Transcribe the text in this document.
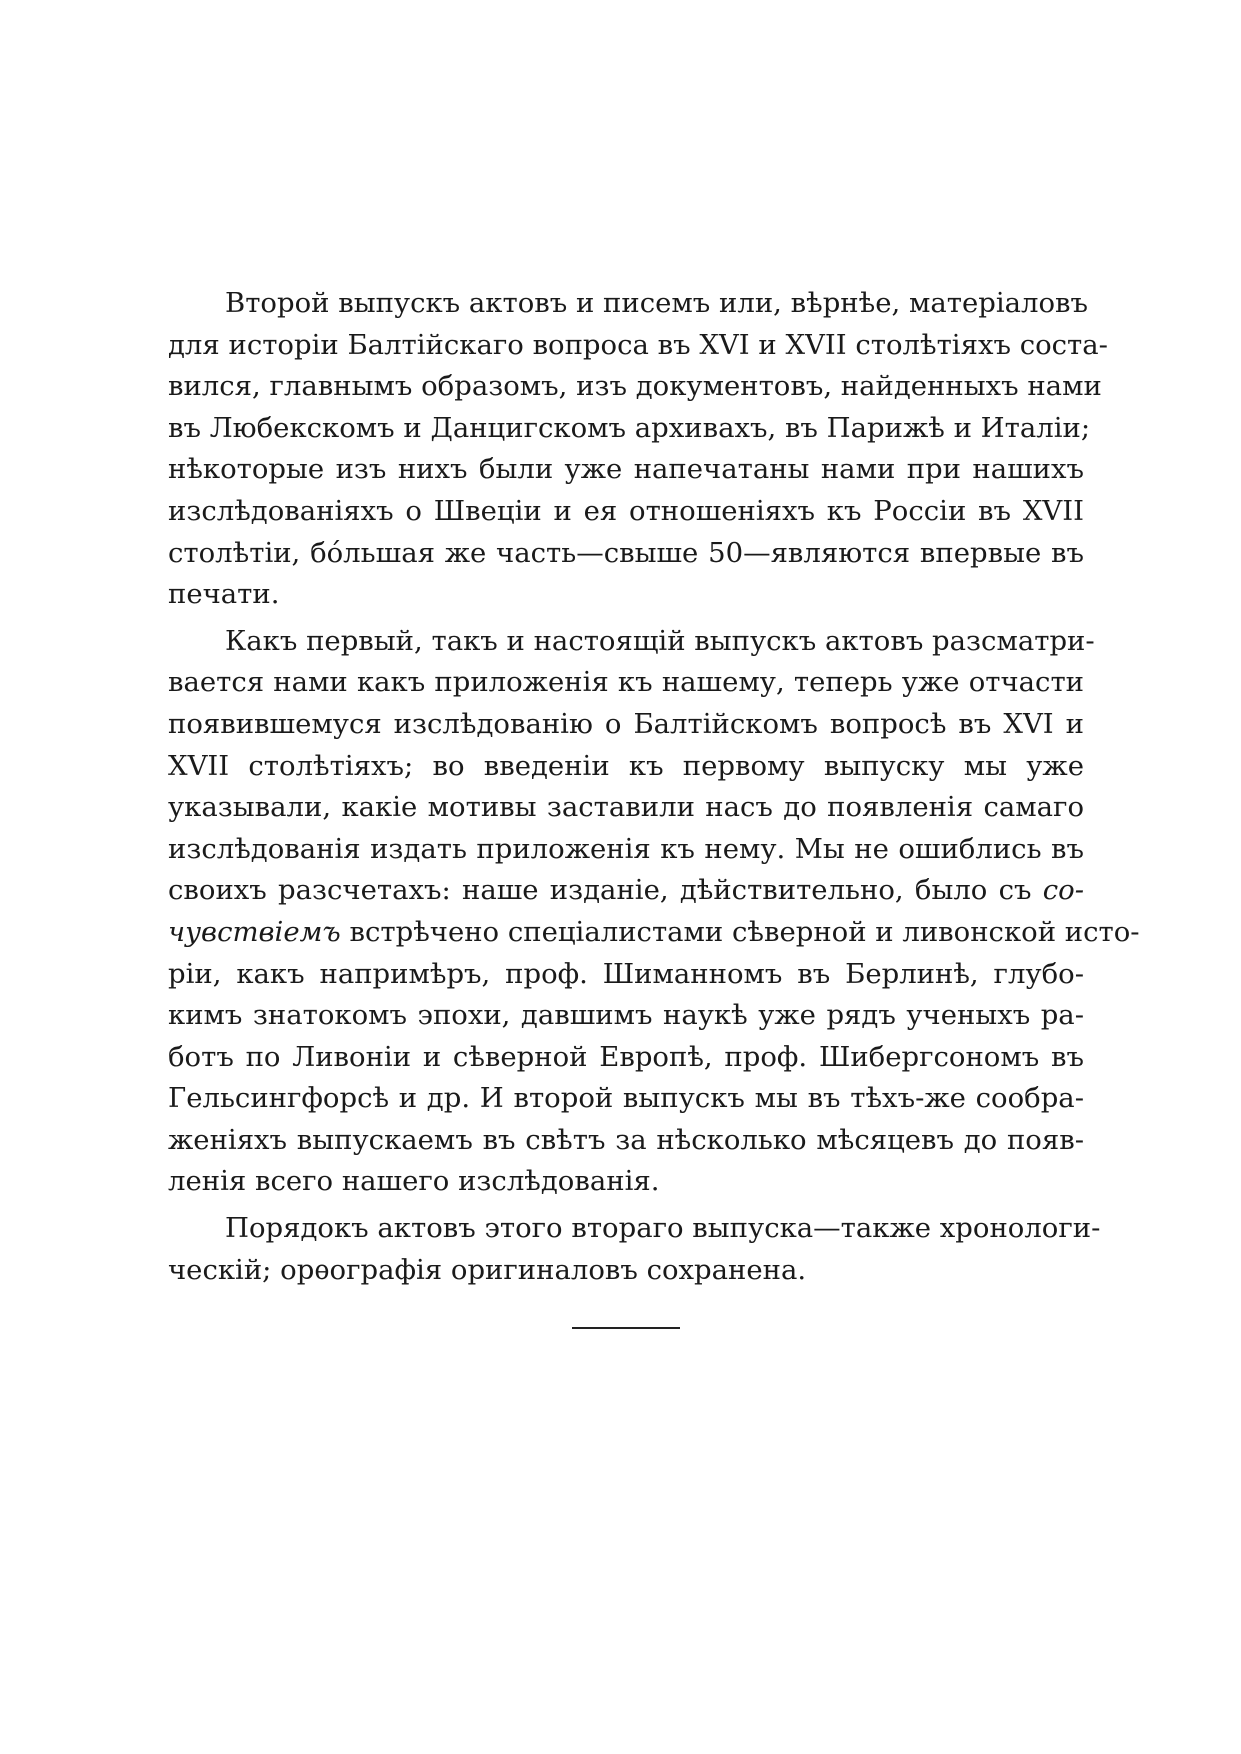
Второй выпускъ актовъ и писемъ или, вѣрнѣе, матеріаловъ
для исторіи Балтійскаго вопроса въ XVI и XVII столѣтіяхъ соста-
вился, главнымъ образомъ, изъ документовъ, найденныхъ нами
въ Любекскомъ и Данцигскомъ архивахъ, въ Парижѣ и Италіи;
нѣкоторые изъ нихъ были уже напечатаны нами при нашихъ
изслѣдованіяхъ о Швеціи и ея отношеніяхъ къ Россіи въ XVII
столѣтіи, бо́льшая же часть—свыше 50—являются впервые въ
печати.
Какъ первый, такъ и настоящій выпускъ актовъ разсматри-
вается нами какъ приложенія къ нашему, теперь уже отчасти
появившемуся изслѣдованію о Балтійскомъ вопросѣ въ XVI и
XVII столѣтіяхъ; во введеніи къ первому выпуску мы уже
указывали, какіе мотивы заставили насъ до появленія самаго
изслѣдованія издать приложенія къ нему. Мы не ошиблись въ
своихъ разсчетахъ: наше изданіе, дѣйствительно, было съ со-
чувствіемъ встрѣчено спеціалистами сѣверной и ливонской исто-
ріи, какъ напримѣръ, проф. Шиманномъ въ Берлинѣ, глубо-
кимъ знатокомъ эпохи, давшимъ наукѣ уже рядъ ученыхъ ра-
ботъ по Ливоніи и сѣверной Европѣ, проф. Шибергсономъ въ
Гельсингфорсѣ и др. И второй выпускъ мы въ тѣхъ-же сообра-
женіяхъ выпускаемъ въ свѣтъ за нѣсколько мѣсяцевъ до появ-
ленія всего нашего изслѣдованія.
Порядокъ актовъ этого втораго выпуска—также хронологи-
ческій; орѳографія оригиналовъ сохранена.
